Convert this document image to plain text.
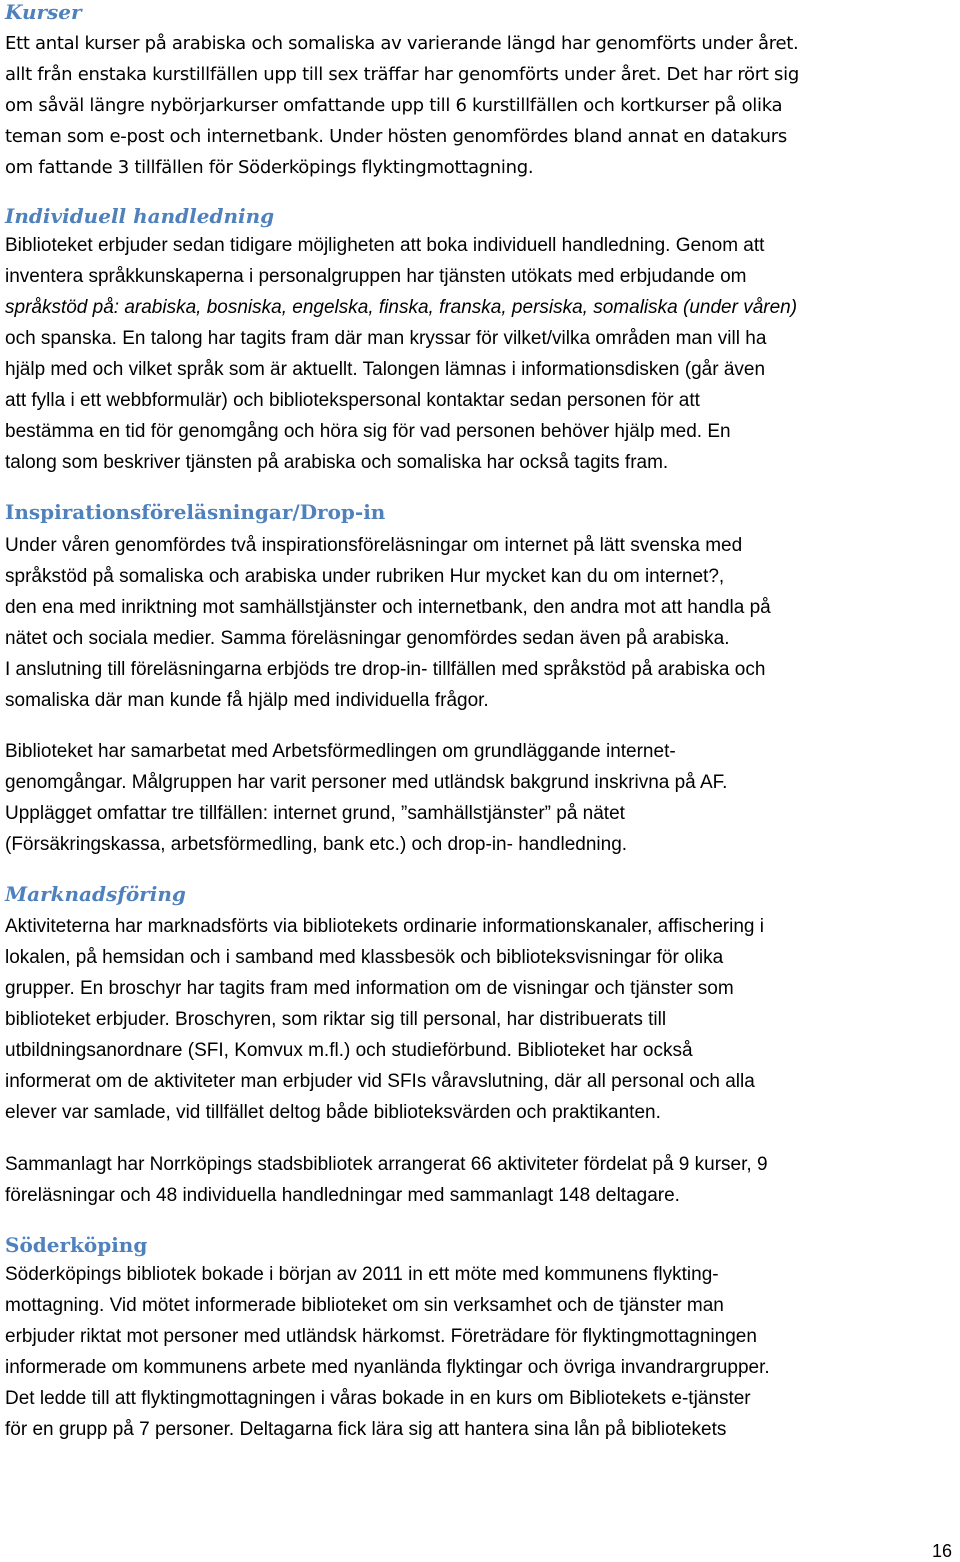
Kurser
Ett antal kurser på arabiska och somaliska av varierande längd har genomförts under året.
allt från enstaka kurstillfällen upp till sex träffar har genomförts under året. Det har rört sig
om såväl längre nybörjarkurser omfattande upp till 6 kurstillfällen och kortkurser på olika
teman som e-post och internetbank. Under hösten genomfördes bland annat en datakurs
om fattande 3 tillfällen för Söderköpings flyktingmottagning.
Individuell handledning
Biblioteket erbjuder sedan tidigare möjligheten att boka individuell handledning. Genom att
inventera språkkunskaperna i personalgruppen har tjänsten utökats med erbjudande om
språkstöd på: arabiska, bosniska, engelska, finska, franska, persiska, somaliska (under våren)
och spanska. En talong har tagits fram där man kryssar för vilket/vilka områden man vill ha
hjälp med och vilket språk som är aktuellt. Talongen lämnas i informationsdisken (går även
att fylla i ett webbformulär) och bibliotekspersonal kontaktar sedan personen för att
bestämma en tid för genomgång och höra sig för vad personen behöver hjälp med. En
talong som beskriver tjänsten på arabiska och somaliska har också tagits fram.
Inspirationsföreläsningar/Drop-in
Under våren genomfördes två inspirationsföreläsningar om internet på lätt svenska med
språkstöd på somaliska och arabiska under rubriken Hur mycket kan du om internet?,
den ena med inriktning mot samhällstjänster och internetbank, den andra mot att handla på
nätet och sociala medier. Samma föreläsningar genomfördes sedan även på arabiska.
I anslutning till föreläsningarna erbjöds tre drop-in- tillfällen med språkstöd på arabiska och
somaliska där man kunde få hjälp med individuella frågor.
Biblioteket har samarbetat med Arbetsförmedlingen om grundläggande internet-
genomgångar. Målgruppen har varit personer med utländsk bakgrund inskrivna på AF.
Upplägget omfattar tre tillfällen: internet grund, ”samhällstjänster” på nätet
(Försäkringskassa, arbetsförmedling, bank etc.) och drop-in- handledning.
Marknadsföring
Aktiviteterna har marknadsförts via bibliotekets ordinarie informationskanaler, affischering i
lokalen, på hemsidan och i samband med klassbesök och biblioteksvisningar för olika
grupper. En broschyr har tagits fram med information om de visningar och tjänster som
biblioteket erbjuder. Broschyren, som riktar sig till personal, har distribuerats till
utbildningsanordnare (SFI, Komvux m.fl.) och studieförbund. Biblioteket har också
informerat om de aktiviteter man erbjuder vid SFIs våravslutning, där all personal och alla
elever var samlade, vid tillfället deltog både biblioteksvärden och praktikanten.
Sammanlagt har Norrköpings stadsbibliotek arrangerat 66 aktiviteter fördelat på 9 kurser, 9
föreläsningar och 48 individuella handledningar med sammanlagt 148 deltagare.
Söderköping
Söderköpings bibliotek bokade i början av 2011 in ett möte med kommunens flykting-
mottagning. Vid mötet informerade biblioteket om sin verksamhet och de tjänster man
erbjuder riktat mot personer med utländsk härkomst. Företrädare för flyktingmottagningen
informerade om kommunens arbete med nyanlända flyktingar och övriga invandrargrupper.
Det ledde till att flyktingmottagningen i våras bokade in en kurs om Bibliotekets e-tjänster
för en grupp på 7 personer. Deltagarna fick lära sig att hantera sina lån på bibliotekets
16
